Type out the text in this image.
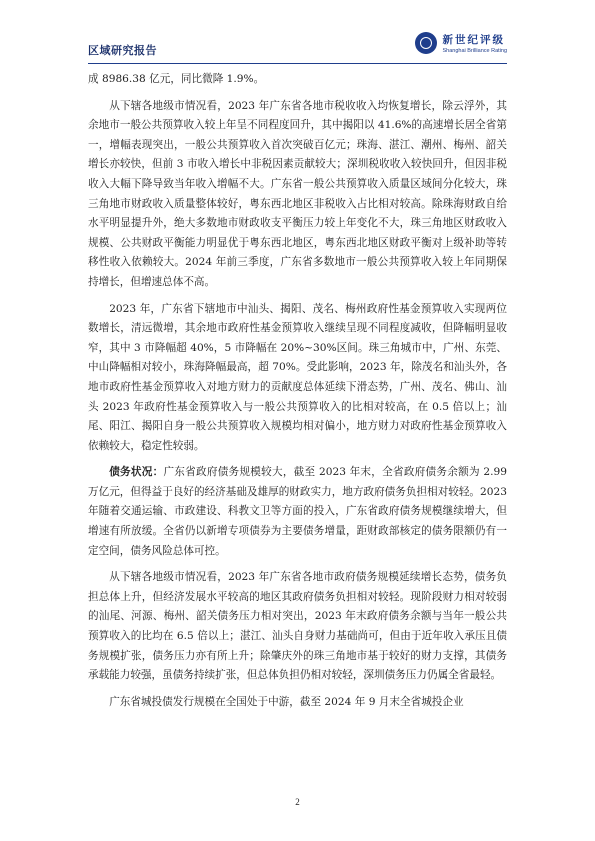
区域研究报告
新世纪评级
Shanghai Brilliance Rating

成 8986.38 亿元，同比微降 1.9%。

从下辖各地级市情况看，2023 年广东省各地市税收收入均恢复增长，除云浮外，其余地市一般公共预算收入较上年呈不同程度回升，其中揭阳以 41.6%的高速增长居全省第一，增幅表现突出，一般公共预算收入首次突破百亿元；珠海、湛江、潮州、梅州、韶关增长亦较快，但前 3 市收入增长中非税因素贡献较大；深圳税收收入较快回升，但因非税收入大幅下降导致当年收入增幅不大。广东省一般公共预算收入质量区域间分化较大，珠三角地市财政收入质量整体较好，粤东西北地区非税收入占比相对较高。除珠海财政自给水平明显提升外，绝大多数地市财政收支平衡压力较上年变化不大，珠三角地区财政收入规模、公共财政平衡能力明显优于粤东西北地区，粤东西北地区财政平衡对上级补助等转移性收入依赖较大。2024 年前三季度，广东省多数地市一般公共预算收入较上年同期保持增长，但增速总体不高。

2023 年，广东省下辖地市中汕头、揭阳、茂名、梅州政府性基金预算收入实现两位数增长，清远微增，其余地市政府性基金预算收入继续呈现不同程度减收，但降幅明显收窄，其中 3 市降幅超 40%，5 市降幅在 20%~30%区间。珠三角城市中，广州、东莞、中山降幅相对较小，珠海降幅最高，超 70%。受此影响，2023 年，除茂名和汕头外，各地市政府性基金预算收入对地方财力的贡献度总体延续下滑态势，广州、茂名、佛山、汕头 2023 年政府性基金预算收入与一般公共预算收入的比相对较高，在 0.5 倍以上；汕尾、阳江、揭阳自身一般公共预算收入规模均相对偏小，地方财力对政府性基金预算收入依赖较大，稳定性较弱。

债务状况：广东省政府债务规模较大，截至 2023 年末，全省政府债务余额为 2.99 万亿元，但得益于良好的经济基础及雄厚的财政实力，地方政府债务负担相对较轻。2023 年随着交通运输、市政建设、科教文卫等方面的投入，广东省政府债务规模继续增大，但增速有所放缓。全省仍以新增专项债券为主要债务增量，距财政部核定的债务限额仍有一定空间，债务风险总体可控。

从下辖各地级市情况看，2023 年广东省各地市政府债务规模延续增长态势，债务负担总体上升，但经济发展水平较高的地区其政府债务负担相对较轻。现阶段财力相对较弱的汕尾、河源、梅州、韶关债务压力相对突出，2023 年末政府债务余额与当年一般公共预算收入的比均在 6.5 倍以上；湛江、汕头自身财力基础尚可，但由于近年收入承压且债务规模扩张，债务压力亦有所上升；除肇庆外的珠三角地市基于较好的财力支撑，其债务承载能力较强，虽债务持续扩张，但总体负担仍相对较轻，深圳债务压力仍属全省最轻。

广东省城投债发行规模在全国处于中游，截至 2024 年 9 月末全省城投企业

2
